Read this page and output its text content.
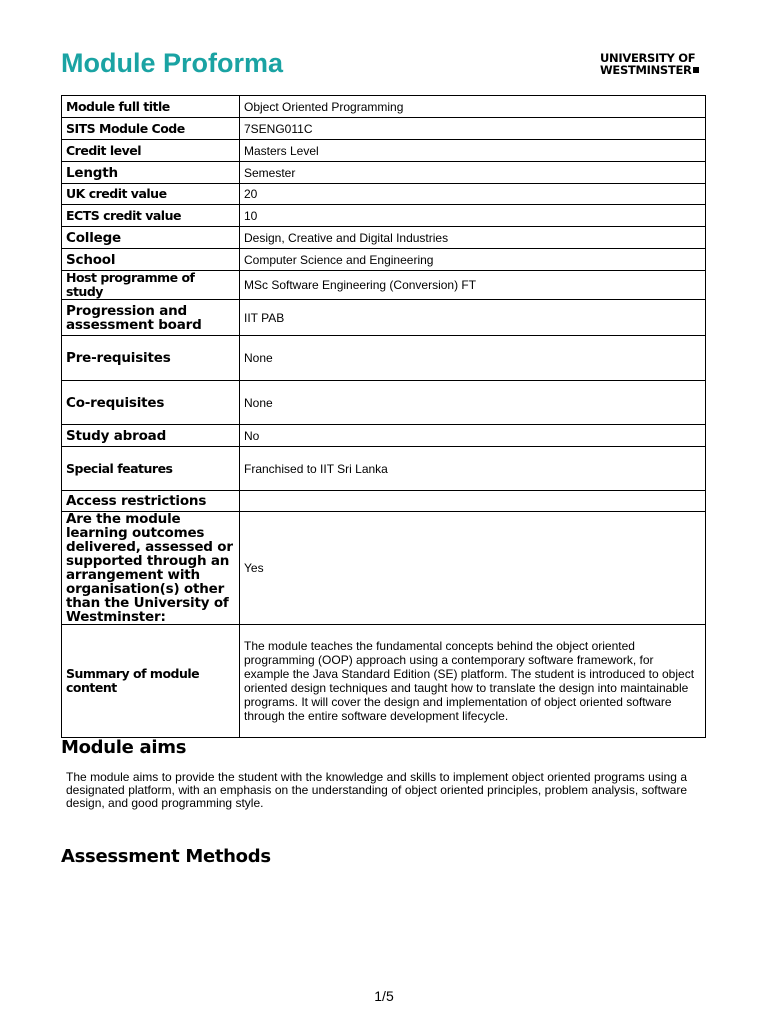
Module Proforma	UNIVERSITY OF
WESTMINSTER
Module full title	Object Oriented Programming
SITS Module Code	7SENG011C
Credit level	Masters Level
Length	Semester
UK credit value	20
ECTS credit value	10
College	Design, Creative and Digital Industries
School	Computer Science and Engineering
Host programme of study	MSc Software Engineering (Conversion) FT
Progression and assessment board	IIT PAB
Pre-requisites	None
Co-requisites	None
Study abroad	No
Special features	Franchised to IIT Sri Lanka
Access restrictions	
Are the module learning outcomes delivered, assessed or supported through an arrangement with organisation(s) other than the University of Westminster:	Yes
Summary of module content	The module teaches the fundamental concepts behind the object oriented programming (OOP) approach using a contemporary software framework, for example the Java Standard Edition (SE) platform. The student is introduced to object oriented design techniques and taught how to translate the design into maintainable programs. It will cover the design and implementation of object oriented software through the entire software development lifecycle.
Module aims
The module aims to provide the student with the knowledge and skills to implement object oriented programs using a designated platform, with an emphasis on the understanding of object oriented principles, problem analysis, software design, and good programming style.
Assessment Methods
1/5
